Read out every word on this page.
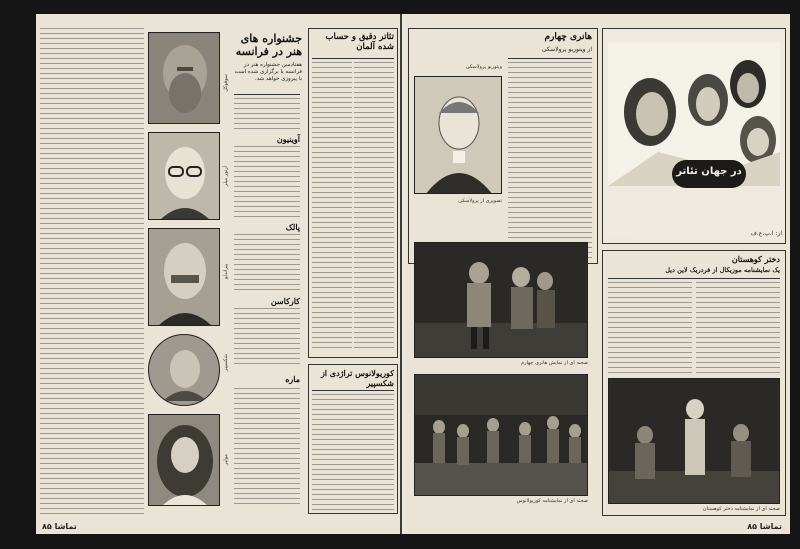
سوفوکل
آرتور میلر
پیراندلو
شکسپیر
مولیر
جشنواره های هنر در فرانسه
هفتادمین جشنواره هنر در فرانسه با برگزاری شده است با پیروزی خواهد شد.
آوینیون
پالک
کارکاسن
ماره
تئاتر دقیق و حساب شده آلمان
کوریولانوس تراژدی از شکسپیر
٨۵ تماشا
ویتوریو پرولاسکی
تصویری از پرولاسکی
هانری چهارم
از ویتوریو پرولاسکی
در جهان تئاتر
از: ا.پ.ع.ف
دربرگیرنده
صحنه ای از نمایش هانری چهارم
دختر کوهستان
یک نمایشنامه موزیکال از فردریک لاین دیل
صحنه ای از نمایشنامه دختر کوهستان
صحنه ای از نمایشنامه کوریولانوس
تماشا ٨۵
